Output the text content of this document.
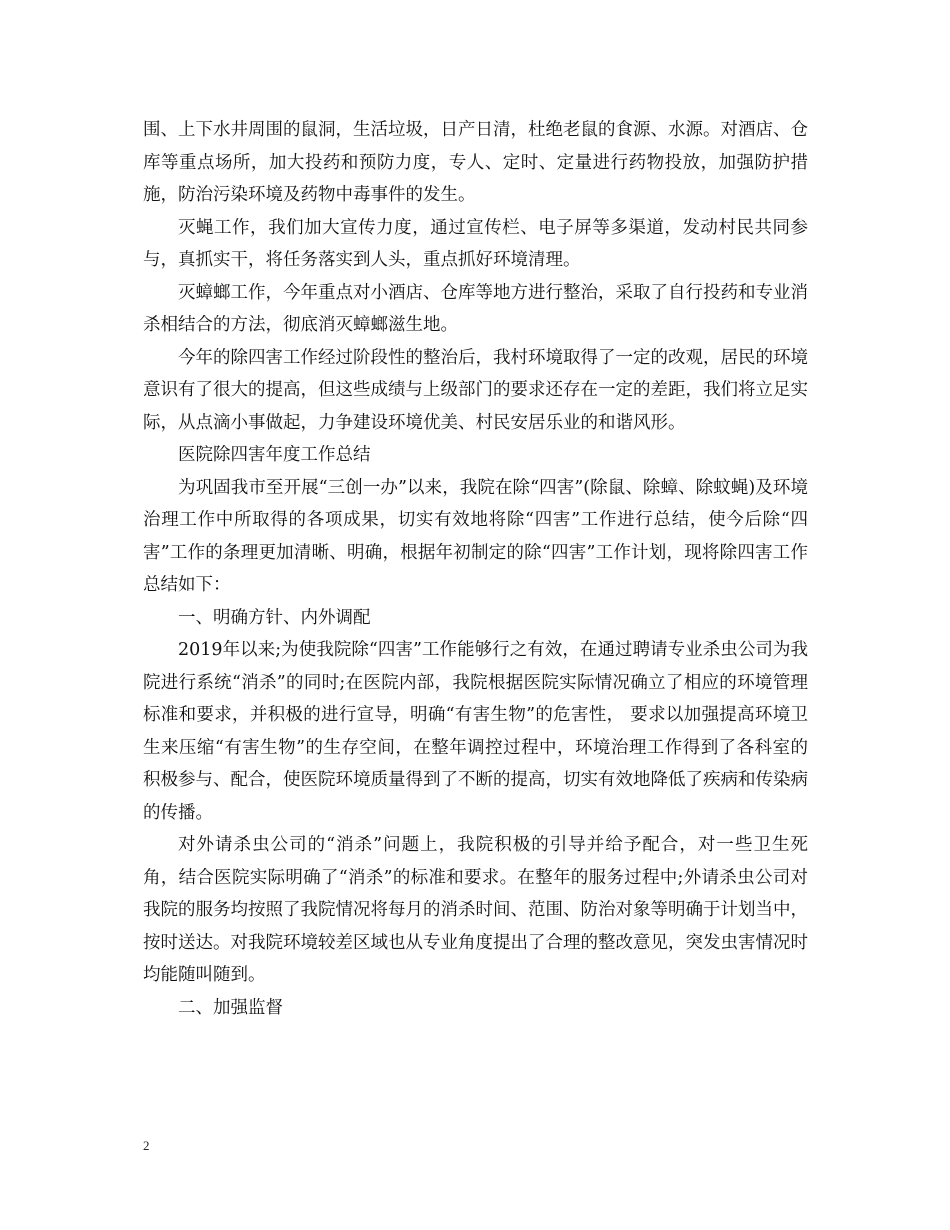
围、上下水井周围的鼠洞，生活垃圾，日产日清，杜绝老鼠的食源、水源。对酒店、仓库等重点场所，加大投药和预防力度，专人、定时、定量进行药物投放，加强防护措施，防治污染环境及药物中毒事件的发生。

灭蝇工作，我们加大宣传力度，通过宣传栏、电子屏等多渠道，发动村民共同参与，真抓实干，将任务落实到人头，重点抓好环境清理。

灭蟑螂工作，今年重点对小酒店、仓库等地方进行整治，采取了自行投药和专业消杀相结合的方法，彻底消灭蟑螂滋生地。

今年的除四害工作经过阶段性的整治后，我村环境取得了一定的改观，居民的环境意识有了很大的提高，但这些成绩与上级部门的要求还存在一定的差距，我们将立足实际，从点滴小事做起，力争建设环境优美、村民安居乐业的和谐风形。

医院除四害年度工作总结

为巩固我市至开展“三创一办”以来，我院在除“四害”(除鼠、除蟑、除蚊蝇)及环境治理工作中所取得的各项成果，切实有效地将除“四害”工作进行总结，使今后除“四害”工作的条理更加清晰、明确，根据年初制定的除“四害”工作计划，现将除四害工作总结如下：

一、明确方针、内外调配

2019年以来;为使我院除“四害”工作能够行之有效，在通过聘请专业杀虫公司为我院进行系统“消杀”的同时;在医院内部，我院根据医院实际情况确立了相应的环境管理标准和要求，并积极的进行宣导，明确“有害生物”的危害性， 要求以加强提高环境卫生来压缩“有害生物”的生存空间，在整年调控过程中，环境治理工作得到了各科室的积极参与、配合，使医院环境质量得到了不断的提高，切实有效地降低了疾病和传染病的传播。

对外请杀虫公司的“消杀”问题上，我院积极的引导并给予配合，对一些卫生死角，结合医院实际明确了“消杀”的标准和要求。在整年的服务过程中;外请杀虫公司对我院的服务均按照了我院情况将每月的消杀时间、范围、防治对象等明确于计划当中，按时送达。对我院环境较差区域也从专业角度提出了合理的整改意见，突发虫害情况时均能随叫随到。

二、加强监督

2
